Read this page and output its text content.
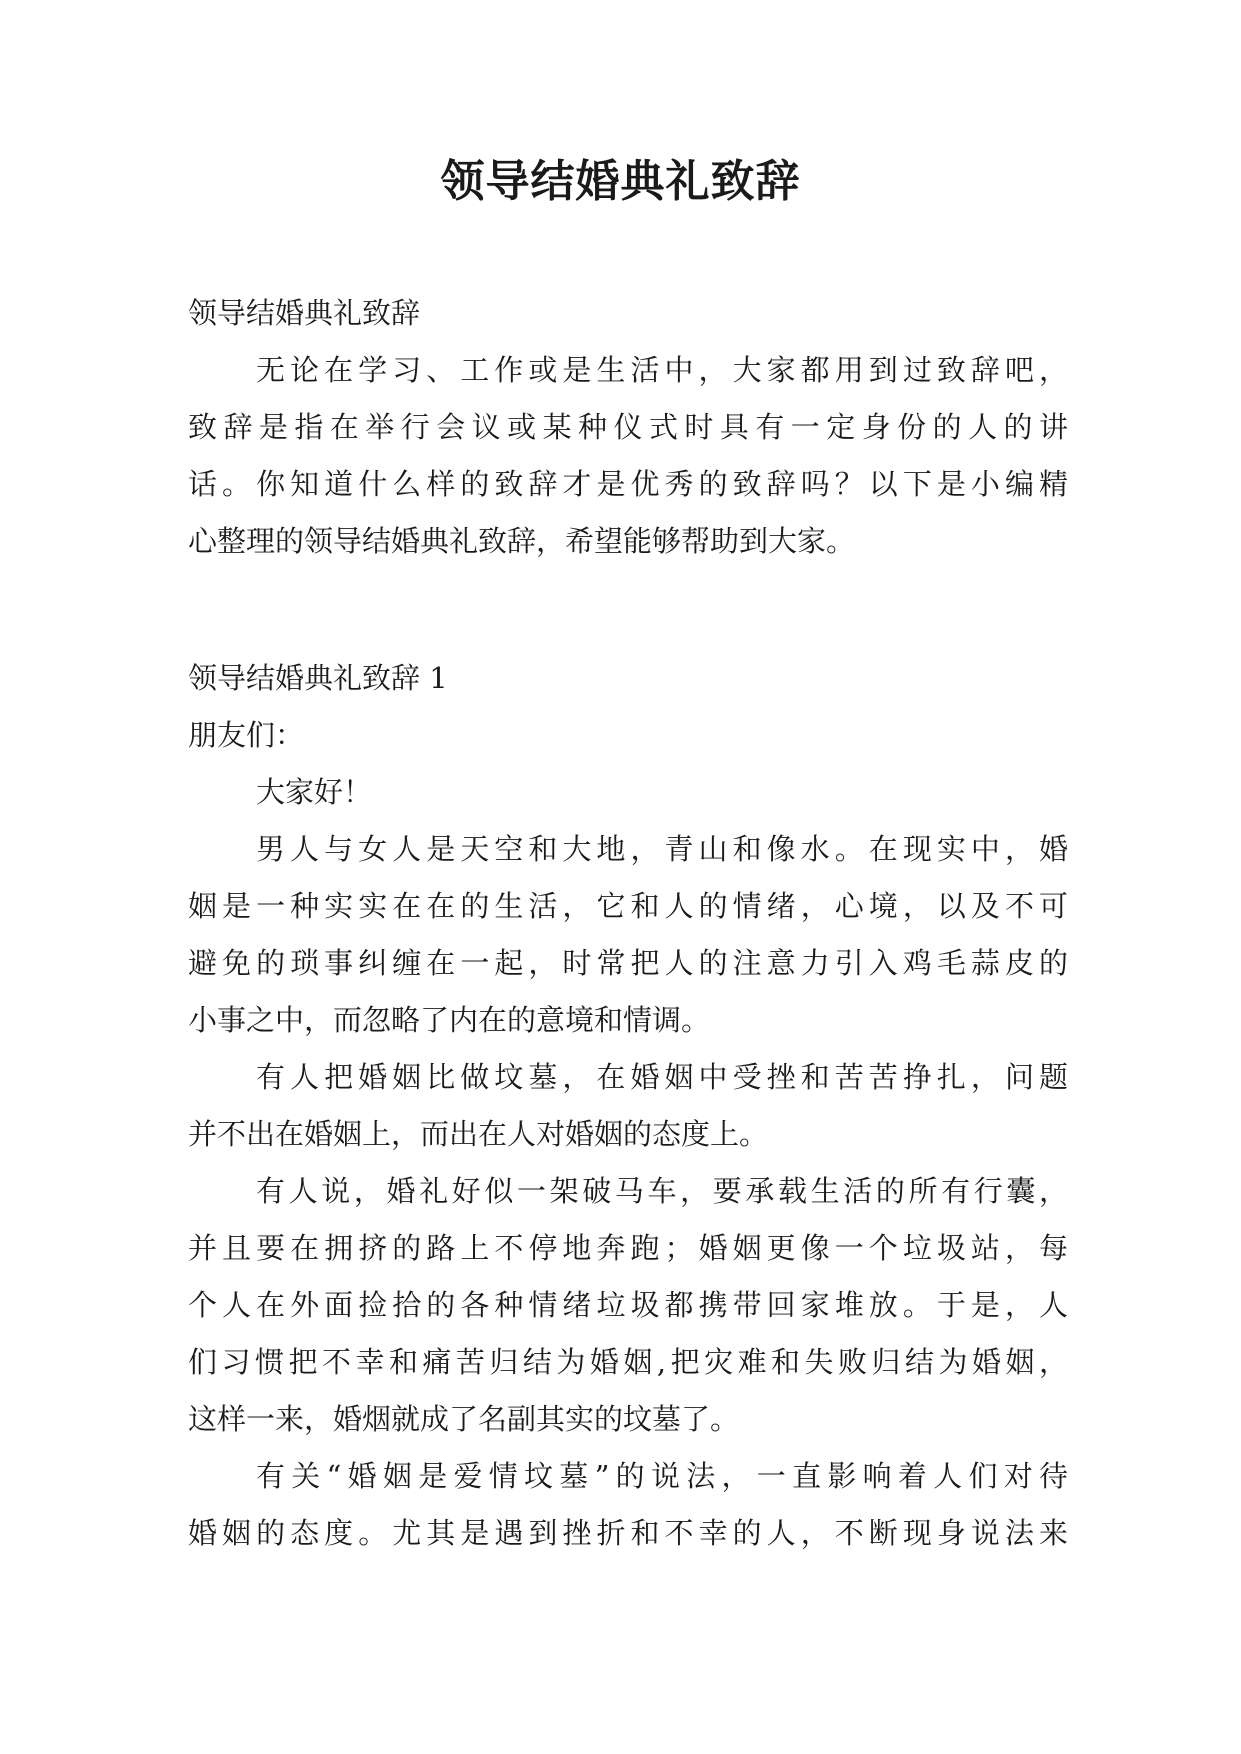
领导结婚典礼致辞
领导结婚典礼致辞
无论在学习、工作或是生活中，大家都用到过致辞吧，
致辞是指在举行会议或某种仪式时具有一定身份的人的讲
话。你知道什么样的致辞才是优秀的致辞吗？以下是小编精
心整理的领导结婚典礼致辞，希望能够帮助到大家。
领导结婚典礼致辞 1
朋友们：
大家好！
男人与女人是天空和大地，青山和像水。在现实中，婚
姻是一种实实在在的生活，它和人的情绪，心境，以及不可
避免的琐事纠缠在一起，时常把人的注意力引入鸡毛蒜皮的
小事之中，而忽略了内在的意境和情调。
有人把婚姻比做坟墓，在婚姻中受挫和苦苦挣扎，问题
并不出在婚姻上，而出在人对婚姻的态度上。
有人说，婚礼好似一架破马车，要承载生活的所有行囊，
并且要在拥挤的路上不停地奔跑；婚姻更像一个垃圾站，每
个人在外面捡拾的各种情绪垃圾都携带回家堆放。于是，人
们习惯把不幸和痛苦归结为婚姻,把灾难和失败归结为婚姻，
这样一来，婚烟就成了名副其实的坟墓了。
有关“婚姻是爱情坟墓”的说法，一直影响着人们对待
婚姻的态度。尤其是遇到挫折和不幸的人，不断现身说法来
